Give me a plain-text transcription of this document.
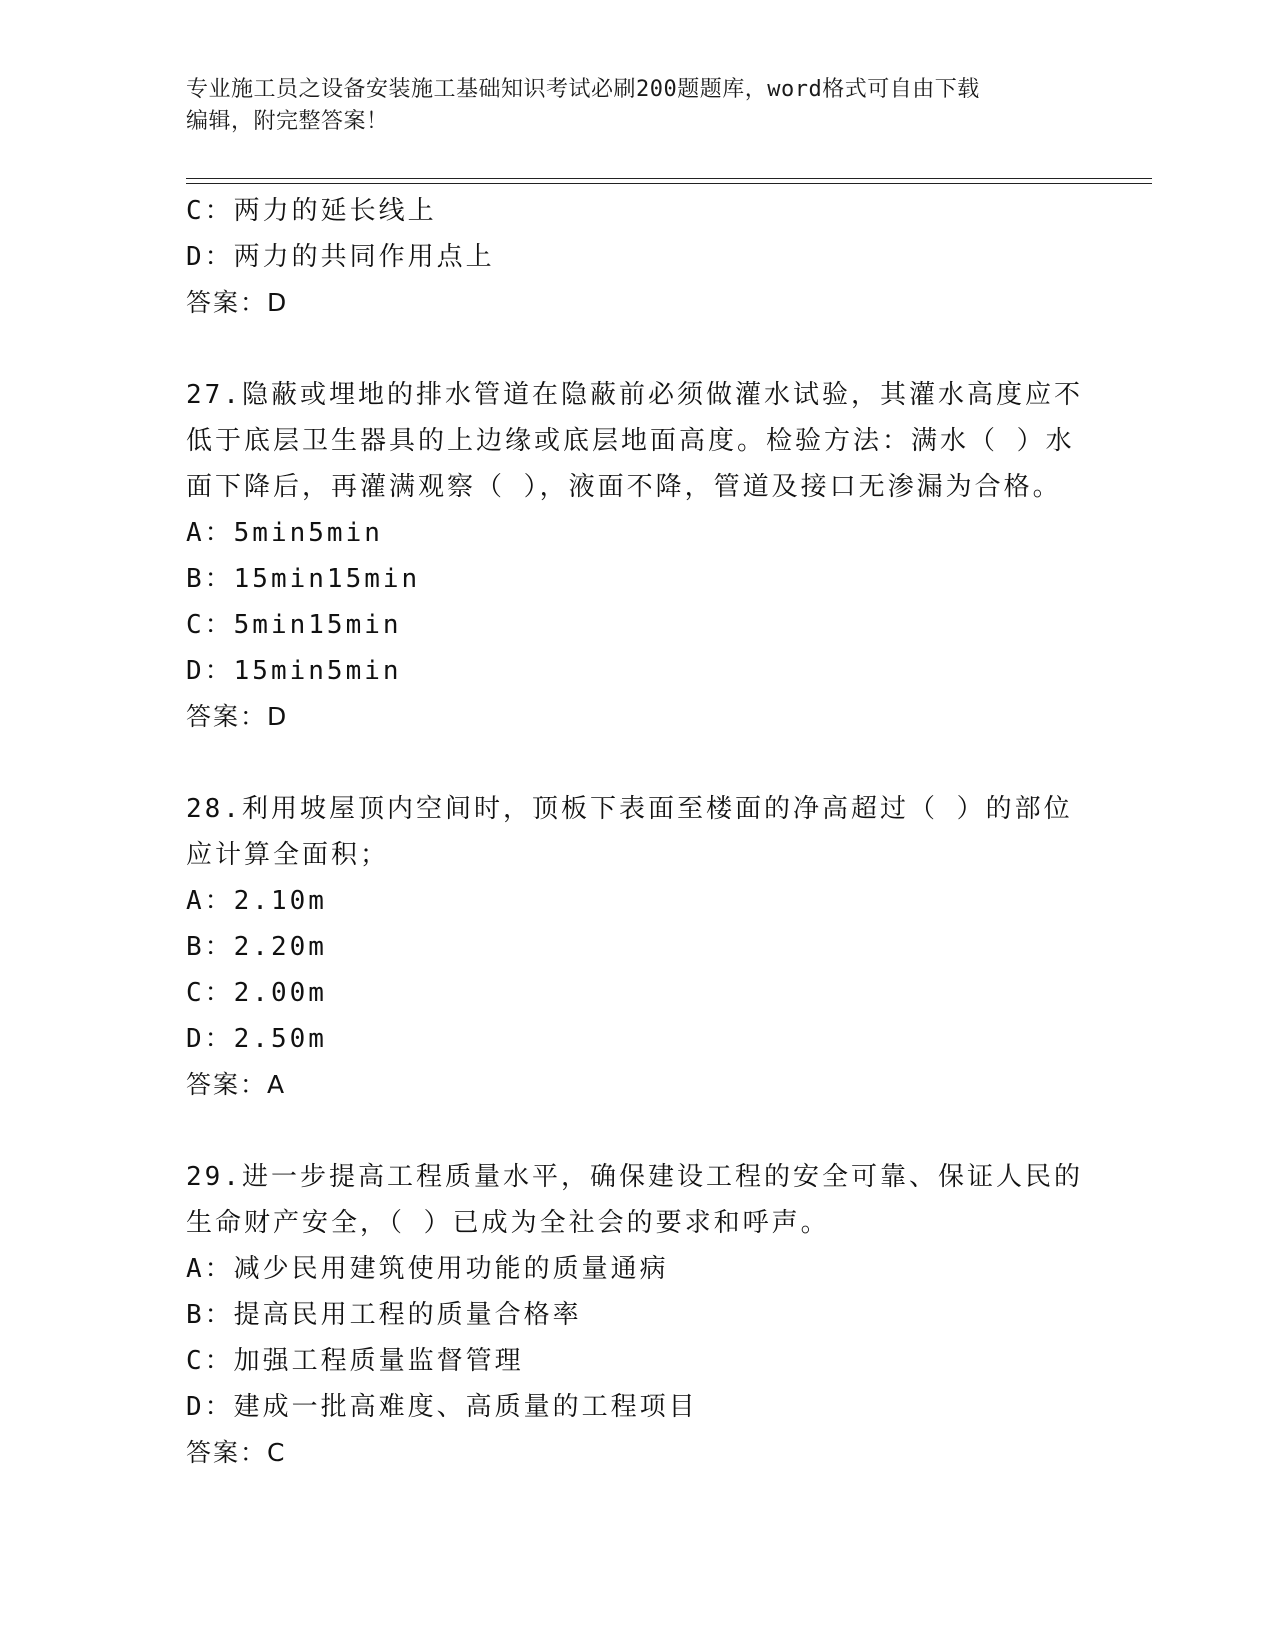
专业施工员之设备安装施工基础知识考试必刷200题题库，word格式可自由下载
编辑，附完整答案！
C：两力的延长线上
D：两力的共同作用点上
答案：D
27.隐蔽或埋地的排水管道在隐蔽前必须做灌水试验，其灌水高度应不
低于底层卫生器具的上边缘或底层地面高度。检验方法：满水（ ）水
面下降后，再灌满观察（ ），液面不降，管道及接口无渗漏为合格。
A：5min5min
B：15min15min
C：5min15min
D：15min5min
答案：D
28.利用坡屋顶内空间时，顶板下表面至楼面的净高超过（ ）的部位
应计算全面积；
A：2.10m
B：2.20m
C：2.00m
D：2.50m
答案：A
29.进一步提高工程质量水平，确保建设工程的安全可靠、保证人民的
生命财产安全，（ ）已成为全社会的要求和呼声。
A：减少民用建筑使用功能的质量通病
B：提高民用工程的质量合格率
C：加强工程质量监督管理
D：建成一批高难度、高质量的工程项目
答案：C
